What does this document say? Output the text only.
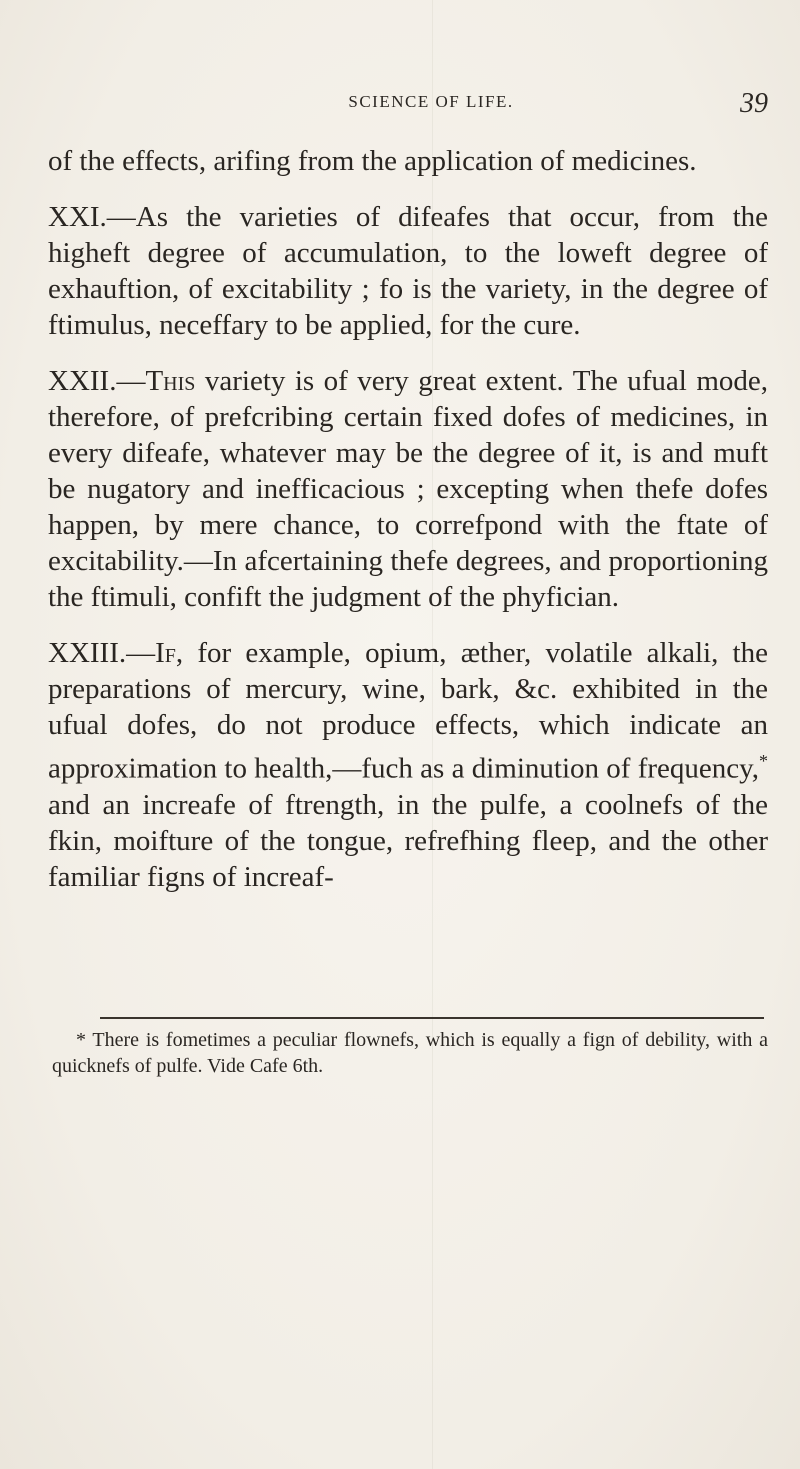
SCIENCE OF LIFE.	39

of the effects, arifing from the application of medicines.

XXI.—As the varieties of difeafes that occur, from the higheft degree of accumulation, to the loweft degree of exhauftion, of excitability ; fo is the variety, in the degree of ftimulus, neceffary to be applied, for the cure.

XXII.—This variety is of very great extent. The ufual mode, therefore, of prefcribing certain fixed dofes of medicines, in every difeafe, whatever may be the degree of it, is and muft be nugatory and inefficacious ; excepting when thefe dofes happen, by mere chance, to correfpond with the ftate of excitability.—In afcertaining thefe degrees, and proportioning the ftimuli, confift the judgment of the phyfician.

XXIII.—If, for example, opium, æther, volatile alkali, the preparations of mercury, wine, bark, &c. exhibited in the ufual dofes, do not produce effects, which indicate an approximation to health,—fuch as a diminution of frequency,* and an increafe of ftrength, in the pulfe, a coolnefs of the fkin, moifture of the tongue, refrefhing fleep, and the other familiar figns of increaf-

* There is fometimes a peculiar flownefs, which is equally a fign of debility, with a quicknefs of pulfe. Vide Cafe 6th.
